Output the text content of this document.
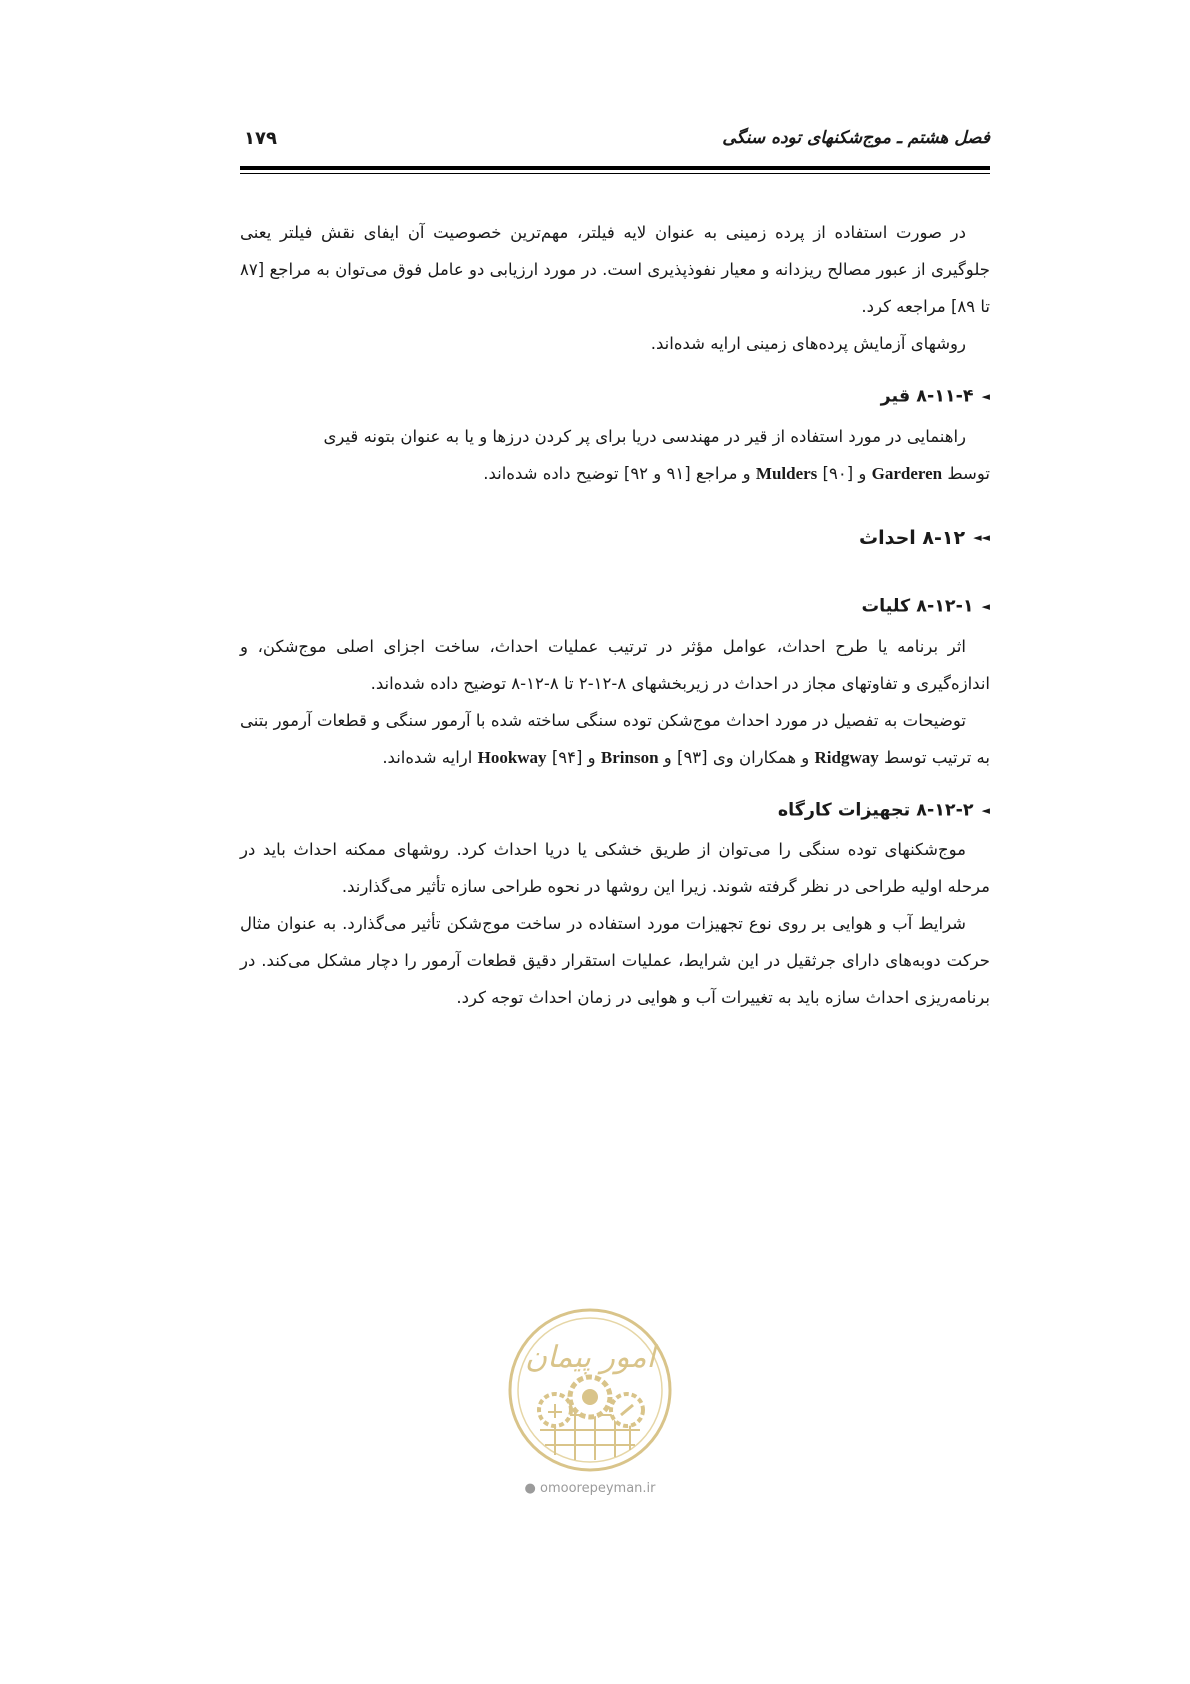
فصل هشتم ـ موج‌شکنهای توده سنگی
۱۷۹

در صورت استفاده از پرده زمینی به عنوان لایه فیلتر، مهم‌ترین خصوصیت آن ایفای نقش فیلتر یعنی جلوگیری از عبور مصالح ریزدانه و معیار نفوذپذیری است. در مورد ارزیابی دو عامل فوق می‌توان به مراجع [۸۷ تا ۸۹] مراجعه کرد.

روشهای آزمایش پرده‌های زمینی ارایه شده‌اند.

◄۸-۱۱-۴ قیر

راهنمایی در مورد استفاده از قیر در مهندسی دریا برای پر کردن درزها و یا به عنوان بتونه قیری

توسط Garderen و Mulders [۹۰] و مراجع [۹۱ و ۹۲] توضیح داده شده‌اند.

◄◄۸-۱۲ احداث
◄۸-۱۲-۱ کلیات

اثر برنامه یا طرح احداث، عوامل مؤثر در ترتیب عملیات احداث، ساخت اجزای اصلی موج‌شکن، و اندازه‌گیری و تفاوتهای مجاز در احداث در زیربخشهای ۸-۱۲-۲ تا ۸-۱۲-۸ توضیح داده شده‌اند.

توضیحات به تفصیل در مورد احداث موج‌شکن توده سنگی ساخته شده با آرمور سنگی و قطعات آرمور بتنی به ترتیب توسط Ridgway و همکاران وی [۹۳] و Brinson و Hookway [۹۴] ارایه شده‌اند.

◄۸-۱۲-۲ تجهیزات کارگاه

موج‌شکنهای توده سنگی را می‌توان از طریق خشکی یا دریا احداث کرد. روشهای ممکنه احداث باید در مرحله اولیه طراحی در نظر گرفته شوند. زیرا این روشها در نحوه طراحی سازه تأثیر می‌گذارند.

شرایط آب و هوایی بر روی نوع تجهیزات مورد استفاده در ساخت موج‌شکن تأثیر می‌گذارد. به عنوان مثال حرکت دوبه‌های دارای جرثقیل در این شرایط، عملیات استقرار دقیق قطعات آرمور را دچار مشکل می‌کند. در برنامه‌ریزی احداث سازه باید به تغییرات آب و هوایی در زمان احداث توجه کرد.

امور پیمان
● omoorepeyman.ir
